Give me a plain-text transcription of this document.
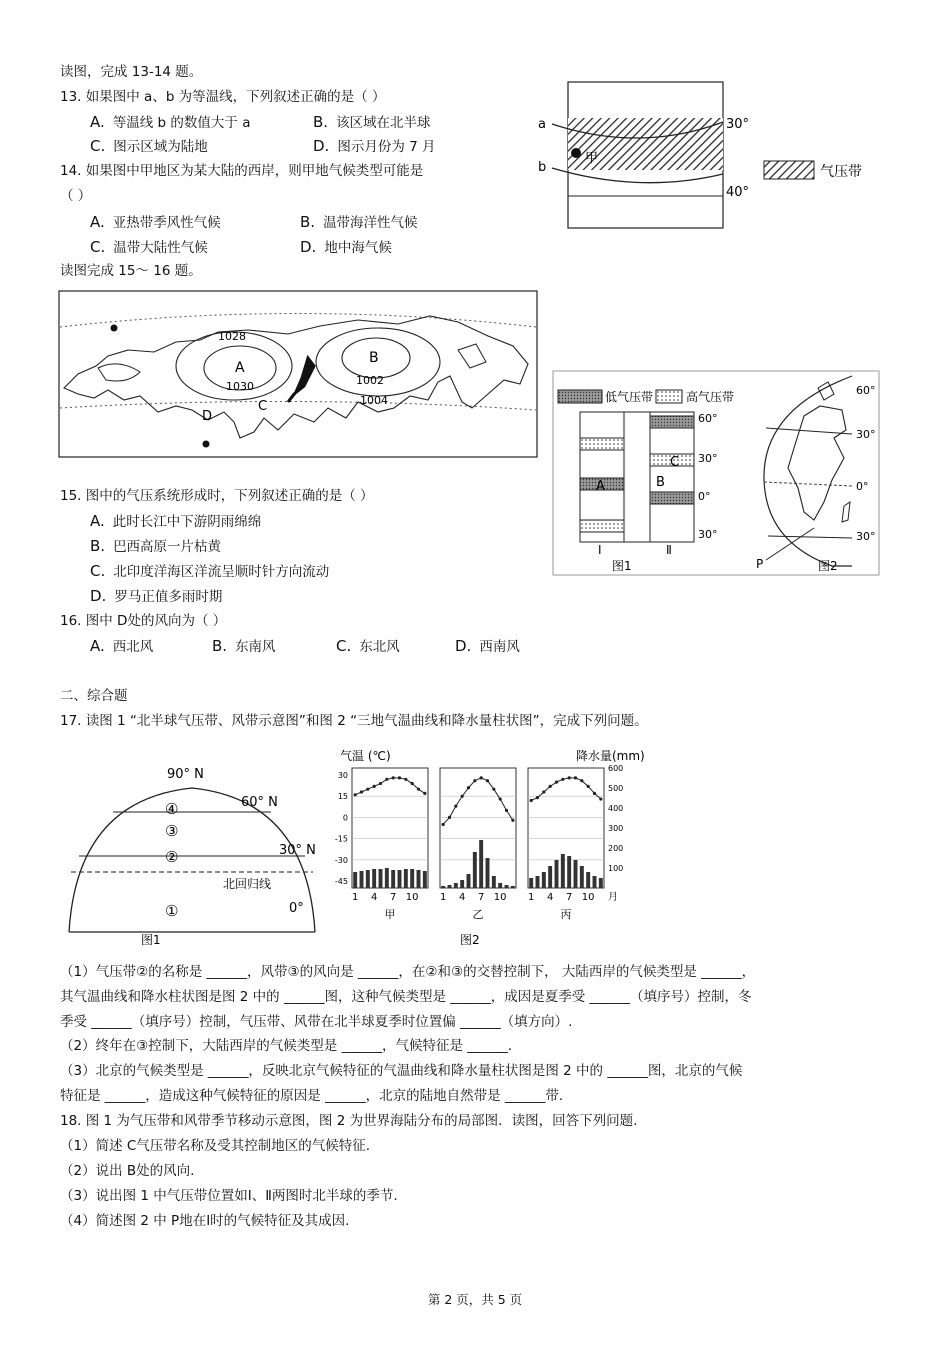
读图，完成 13-14 题。
13. 如果图中 a、b 为等温线，下列叙述正确的是（ ）
A. 等温线 b 的数值大于 a	B. 该区域在北半球
C. 图示区域为陆地	D. 图示月份为 7 月
14. 如果图中甲地区为某大陆的西岸，则甲地气候类型可能是
（ ）
A. 亚热带季风性气候	B. 温带海洋性气候
C. 温带大陆性气候	D. 地中海气候
a
b
30°
40°
甲
气压带
读图完成 15～ 16 题。
1028
1030	1002
1004
A
B
C
D
15. 图中的气压系统形成时，下列叙述正确的是（ ）
A. 此时长江中下游阴雨绵绵
B. 巴西高原一片枯黄
C. 北印度洋海区洋流呈顺时针方向流动
D. 罗马正值多雨时期
16. 图中 D处的风向为（ ）
A. 西北风	B. 东南风	C. 东北风	D. 西南风
低气压带	高气压带
60°
30°
0°
30°
A	B
C
Ⅰ	Ⅱ
图1
60°
30°
0°
30°
P	图2
二、综合题
17. 读图 1 “北半球气压带、风带示意图”和图 2 “三地气温曲线和降水量柱状图”，完成下列问题。
90° N
60° N
30° N
0°
④
③
②
①
北回归线
图1
气温 (℃)	降水量(mm)
30
15
0
-15
-30
-45
600
500
400
300
200
100
1 4 7 10
甲
1 4 7 10
乙
1 4 7 10
丙
月
图2
（1）气压带②的名称是 ______，风带③的风向是 ______，在②和③的交替控制下， 大陆西岸的气候类型是 ______，
其气温曲线和降水柱状图是图 2 中的 ______图，这种气候类型是 ______，成因是夏季受 ______（填序号）控制，冬
季受 ______（填序号）控制，气压带、风带在北半球夏季时位置偏 ______（填方向）.
（2）终年在③控制下，大陆西岸的气候类型是 ______，气候特征是 ______.
（3）北京的气候类型是 ______，反映北京气候特征的气温曲线和降水量柱状图是图 2 中的 ______图，北京的气候
特征是 ______，造成这种气候特征的原因是 ______，北京的陆地自然带是 ______带.
18. 图 1 为气压带和风带季节移动示意图，图 2 为世界海陆分布的局部图．读图，回答下列问题.
（1）简述 C气压带名称及受其控制地区的气候特征.
（2）说出 B处的风向.
（3）说出图 1 中气压带位置如Ⅰ、Ⅱ两图时北半球的季节.
（4）简述图 2 中 P地在Ⅰ时的气候特征及其成因.
第 2 页，共 5 页
